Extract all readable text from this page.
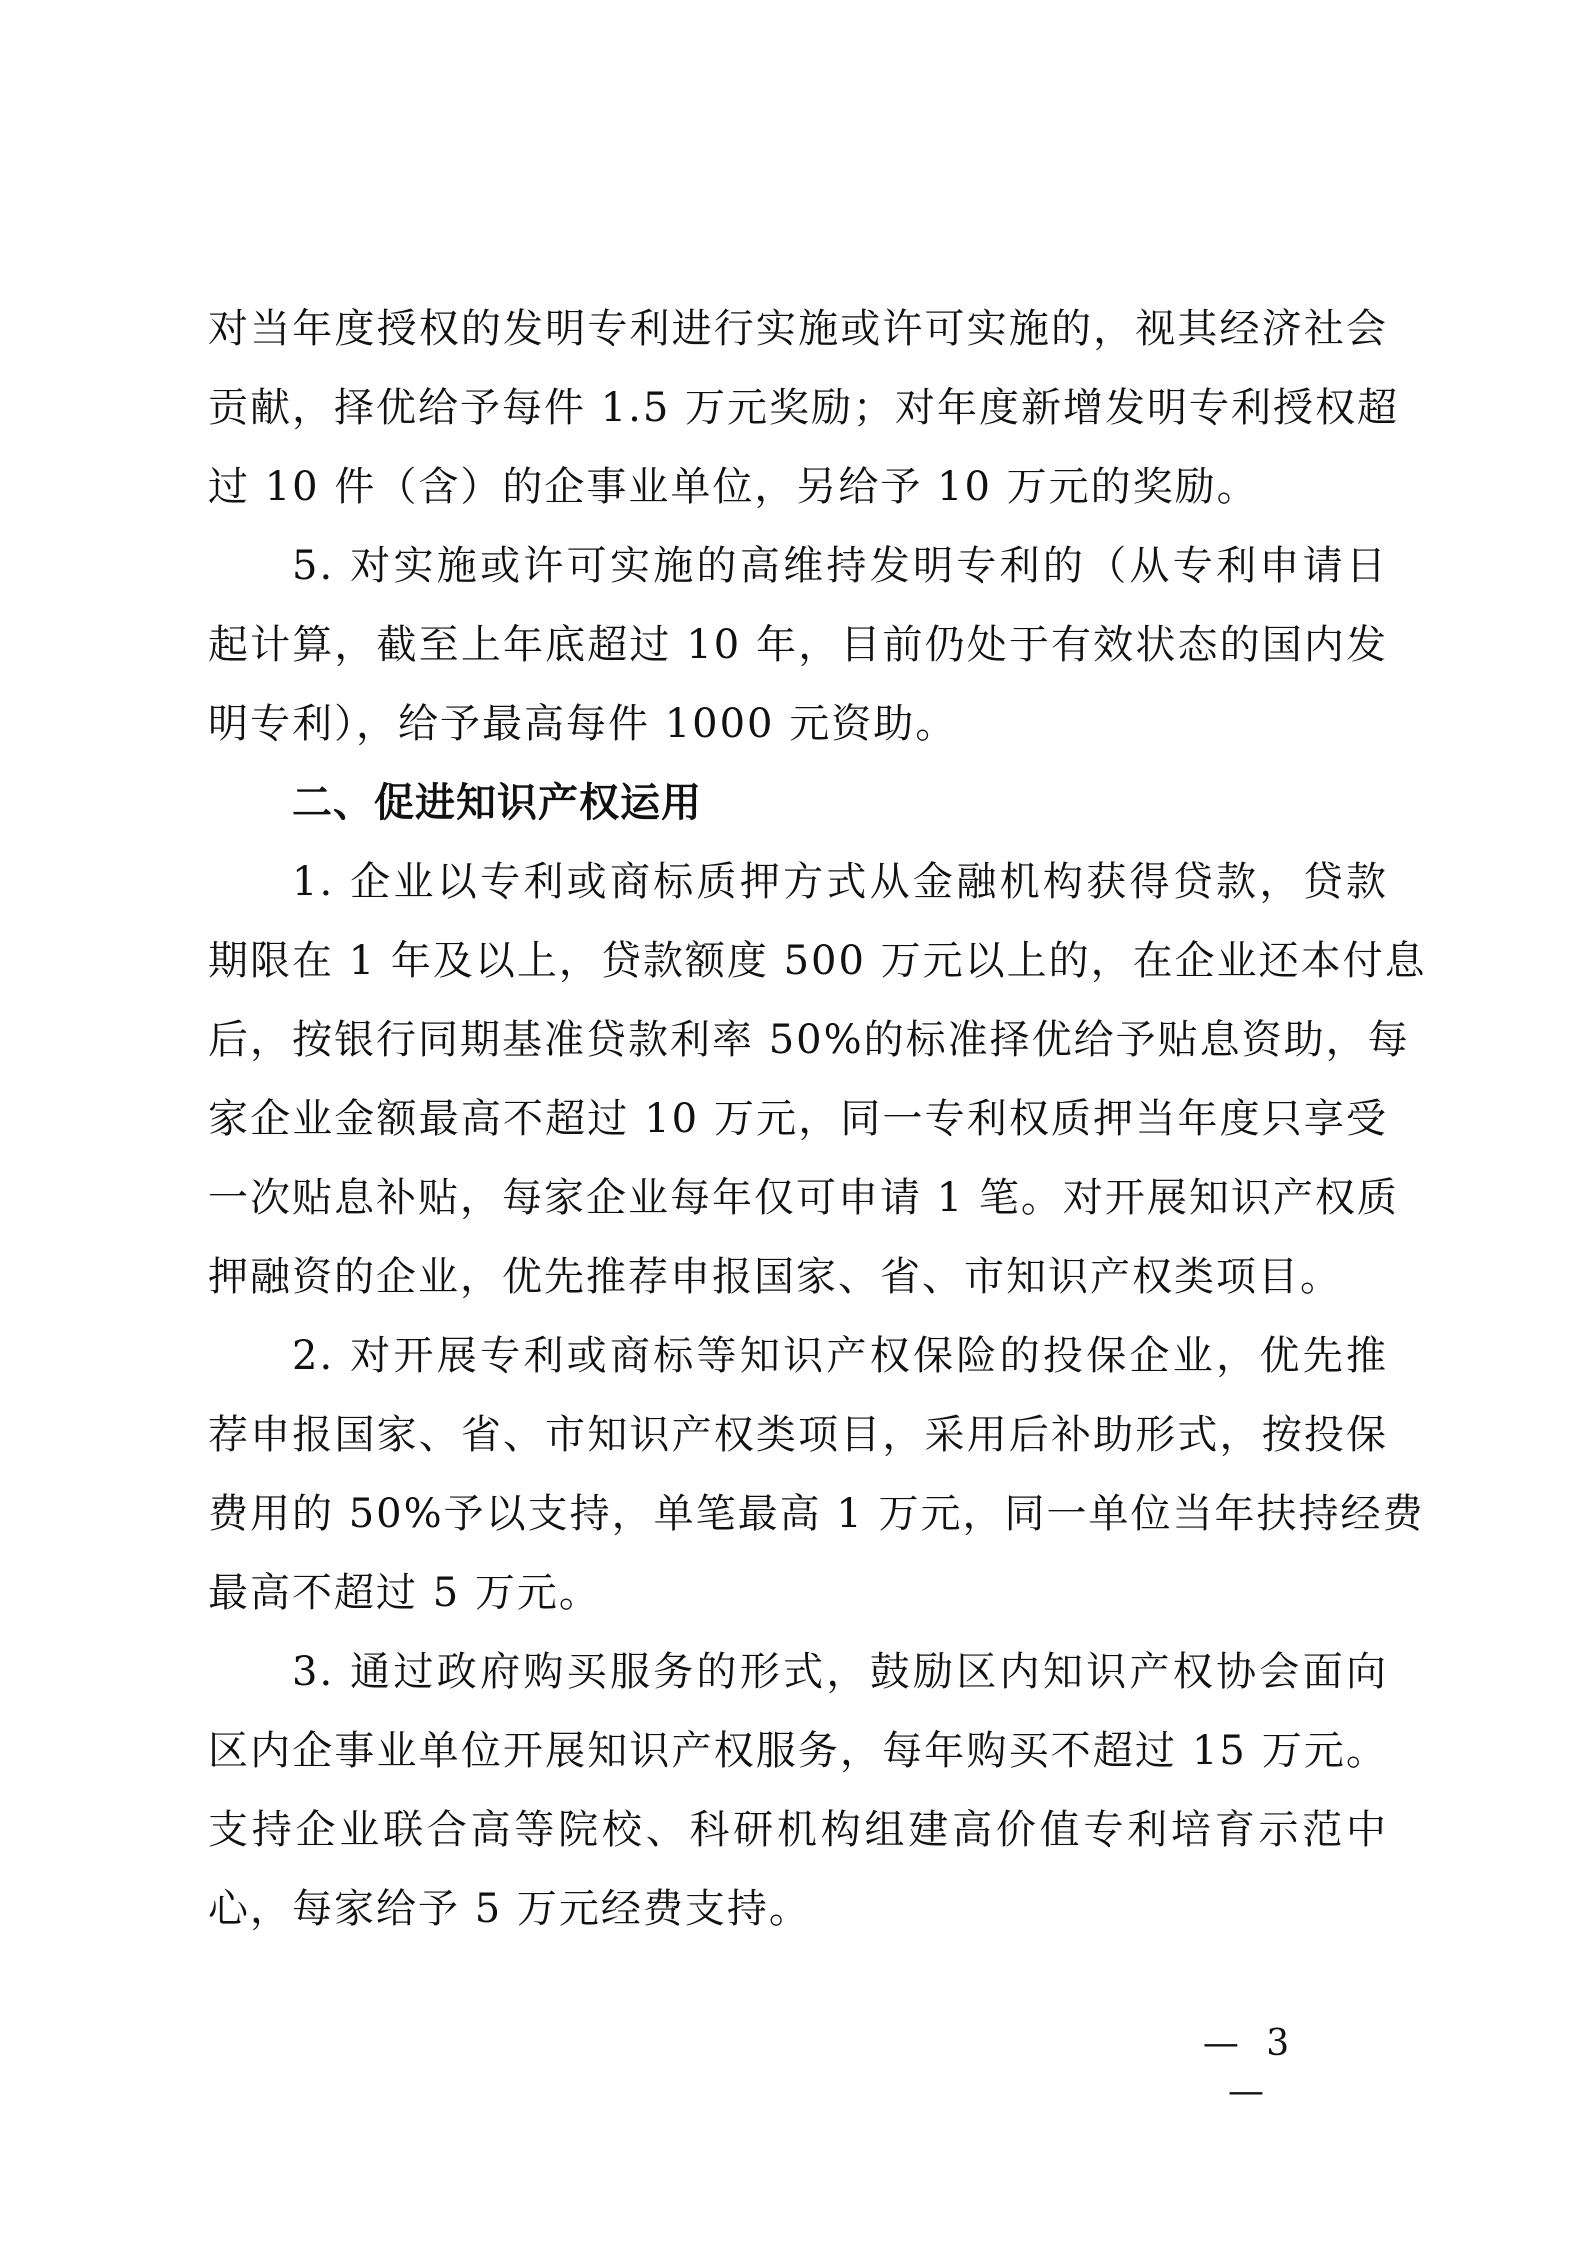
对当年度授权的发明专利进行实施或许可实施的，视其经济社会
贡献，择优给予每件 1.5 万元奖励；对年度新增发明专利授权超
过 10 件（含）的企事业单位，另给予 10 万元的奖励。
5. 对实施或许可实施的高维持发明专利的（从专利申请日
起计算，截至上年底超过 10 年，目前仍处于有效状态的国内发
明专利），给予最高每件 1000 元资助。
二、促进知识产权运用
1. 企业以专利或商标质押方式从金融机构获得贷款，贷款
期限在 1 年及以上，贷款额度 500 万元以上的，在企业还本付息
后，按银行同期基准贷款利率 50%的标准择优给予贴息资助，每
家企业金额最高不超过 10 万元，同一专利权质押当年度只享受
一次贴息补贴，每家企业每年仅可申请 1 笔。对开展知识产权质
押融资的企业，优先推荐申报国家、省、市知识产权类项目。
2. 对开展专利或商标等知识产权保险的投保企业，优先推
荐申报国家、省、市知识产权类项目，采用后补助形式，按投保
费用的 50%予以支持，单笔最高 1 万元，同一单位当年扶持经费
最高不超过 5 万元。
3. 通过政府购买服务的形式，鼓励区内知识产权协会面向
区内企事业单位开展知识产权服务，每年购买不超过 15 万元。
支持企业联合高等院校、科研机构组建高价值专利培育示范中
心，每家给予 5 万元经费支持。
— 3 —
